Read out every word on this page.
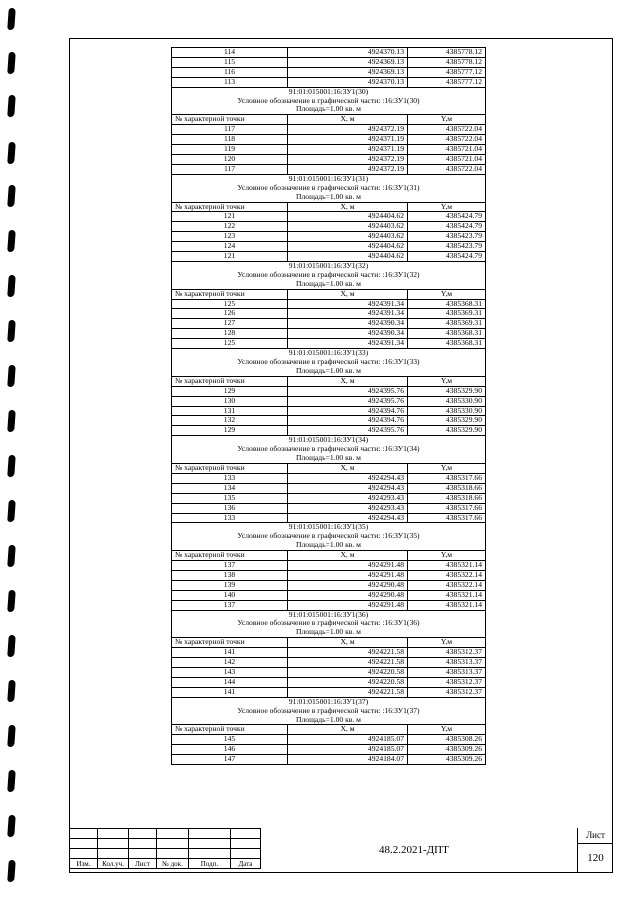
114	4924370.13	4385778.12
115	4924369.13	4385778.12
116	4924369.13	4385777.12
113	4924370.13	4385777.12
91:01:015001:16:ЗУ1(30)		
Условное обозначение в графической части: :16:ЗУ1(30)		
Площадь=1.00 кв. м		
№ характерной точки	X, м	Y,м
117	4924372.19	4385722.04
118	4924371.19	4385722.04
119	4924371.19	4385721.04
120	4924372.19	4385721.04
117	4924372.19	4385722.04
91:01:015001:16:ЗУ1(31)		
Условное обозначение в графической части: :16:ЗУ1(31)		
Площадь=1.00 кв. м		
№ характерной точки	X, м	Y,м
121	4924404.62	4385424.79
122	4924403.62	4385424.79
123	4924403.62	4385423.79
124	4924404.62	4385423.79
121	4924404.62	4385424.79
91:01:015001:16:ЗУ1(32)		
Условное обозначение в графической части: :16:ЗУ1(32)		
Площадь=1.00 кв. м		
№ характерной точки	X, м	Y,м
125	4924391.34	4385368.31
126	4924391.34	4385369.31
127	4924390.34	4385369.31
128	4924390.34	4385368.31
125	4924391.34	4385368.31
91:01:015001:16:ЗУ1(33)		
Условное обозначение в графической части: :16:ЗУ1(33)		
Площадь=1.00 кв. м		
№ характерной точки	X, м	Y,м
129	4924395.76	4385329.90
130	4924395.76	4385330.90
131	4924394.76	4385330.90
132	4924394.76	4385329.90
129	4924395.76	4385329.90
91:01:015001:16:ЗУ1(34)		
Условное обозначение в графической части: :16:ЗУ1(34)		
Площадь=1.00 кв. м		
№ характерной точки	X, м	Y,м
133	4924294.43	4385317.66
134	4924294.43	4385318.66
135	4924293.43	4385318.66
136	4924293.43	4385317.66
133	4924294.43	4385317.66
91:01:015001:16:ЗУ1(35)		
Условное обозначение в графической части: :16:ЗУ1(35)		
Площадь=1.00 кв. м		
№ характерной точки	X, м	Y,м
137	4924291.48	4385321.14
138	4924291.48	4385322.14
139	4924290.48	4385322.14
140	4924290.48	4385321.14
137	4924291.48	4385321.14
91:01:015001:16:ЗУ1(36)		
Условное обозначение в графической части: :16:ЗУ1(36)		
Площадь=1.00 кв. м		
№ характерной точки	X, м	Y,м
141	4924221.58	4385312.37
142	4924221.58	4385313.37
143	4924220.58	4385313.37
144	4924220.58	4385312.37
141	4924221.58	4385312.37
91:01:015001:16:ЗУ1(37)		
Условное обозначение в графической части: :16:ЗУ1(37)		
Площадь=1.00 кв. м		
№ характерной точки	X, м	Y,м
145	4924185.07	4385308.26
146	4924185.07	4385309.26
147	4924184.07	4385309.26

Изм.	Кол.уч.	Лист	№ док.	Подп.	Дата
48.2.2021-ДПТ
Лист
120
